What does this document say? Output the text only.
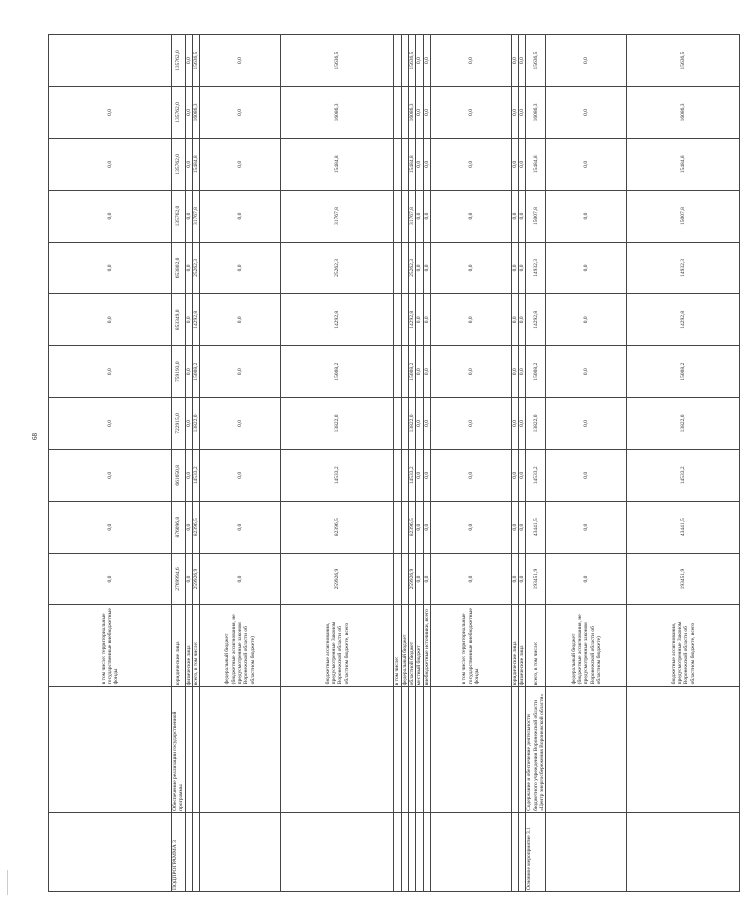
68
		в том числе: территориальные государственные внебюджетные фонды	0,0	0,0	0,0	0,0	0,0	0,0	0,0	0,0	0,0	0,0	
ПОДПРОГРАММА 3	Обеспечение реализации государственной программы	юридические лица	2769994,6	876096,8	661650,8	722915,0	759193,0	853349,0	653802,0	135762,0	135762,0	135762,0	135762,0
		физические лица	0,0	0,0	0,0	0,0	0,0	0,0	0,0	0,0	0,0	0,0	0,0
		всего, в том числе:	259926,9	82396,5	14533,2	13822,0	15008,2	14292,8	25262,3	31767,8	15484,8	16086,3	15636,5
		федеральный бюджет (бюджетные ассигнования, не предусмотренные законом Воронежской области об областном бюджете)	0,0	0,0	0,0	0,0	0,0	0,0	0,0	0,0	0,0	0,0	0,0
		бюджетные ассигнования, предусмотренные Законом Воронежской области об областном бюджете, всего	259926,9	82396,5	14533,2	13822,0	15008,2	14292,8	25262,3	31767,8	15484,8	16086,3	15636,5
		в том числе:											
		федеральный бюджет											
		областной бюджет	259926,9	82396,5	14533,2	13822,0	15008,2	14292,8	25262,3	31767,8	15484,8	16086,3	15636,5
		местный бюджет	0,0	0,0	0,0	0,0	0,0	0,0	0,0	0,0	0,0	0,0	0,0
		внебюджетные источники, всего	0,0	0,0	0,0	0,0	0,0	0,0	0,0	0,0	0,0	0,0	0,0
		в том числе: территориальные государственные внебюджетные фонды	0,0	0,0	0,0	0,0	0,0	0,0	0,0	0,0	0,0	0,0	0,0
		юридические лица	0,0	0,0	0,0	0,0	0,0	0,0	0,0	0,0	0,0	0,0	0,0
		физические лица	0,0	0,0	0,0	0,0	0,0	0,0	0,0	0,0	0,0	0,0	0,0
Основное мероприятие 3.1	Содержание и обеспечение деятельности бюджетного учреждения Воронежской области «Центр энергосбережения Воронежской области»	всего, в том числе:	193451,9	43441,5	14533,2	13822,0	15008,2	14292,8	14932,3	15007,8	15484,8	16086,3	15636,5
		федеральный бюджет (бюджетные ассигнования, не предусмотренные законом Воронежской области об областном бюджете)	0,0	0,0	0,0	0,0	0,0	0,0	0,0	0,0	0,0	0,0	0,0
		бюджетные ассигнования, предусмотренные Законом Воронежской области об областном бюджете, всего	193451,9	43441,5	14533,2	13822,0	15008,2	14292,8	14932,3	15007,8	15484,8	16086,3	15636,5
